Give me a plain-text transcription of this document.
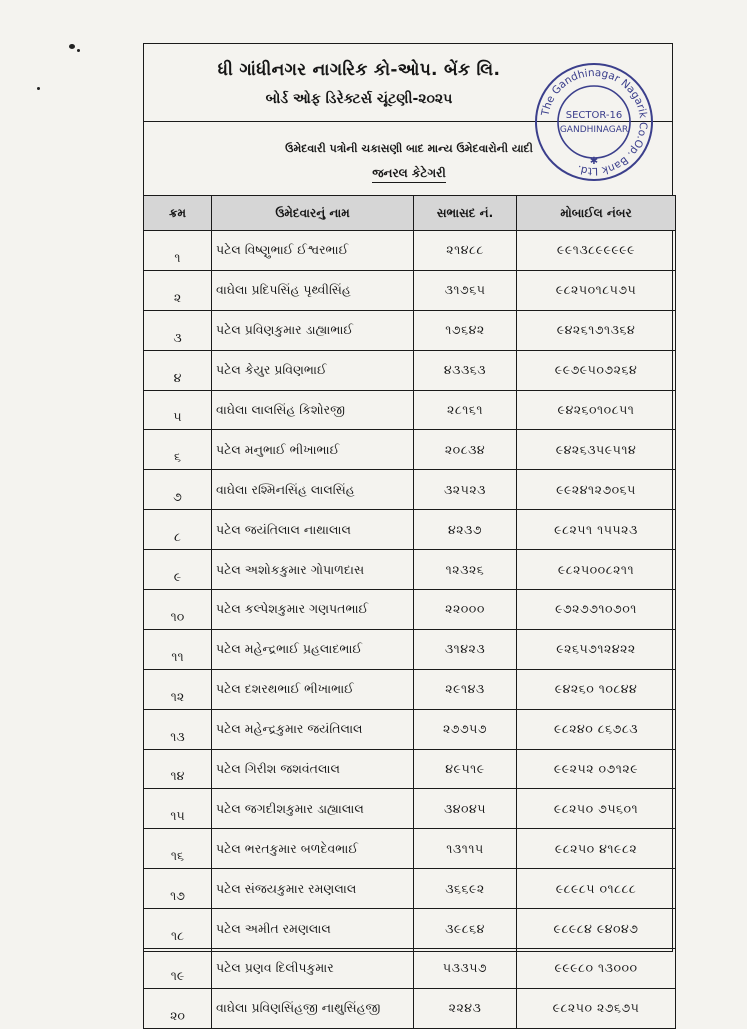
ધી ગાંધીનગર નાગરિક કો-ઓપ. બેંક લિ.
બોર્ડ ઓફ ડિરેક્ટર્સ ચૂંટણી-૨૦૨૫
ઉમેદવારી પત્રોની ચકાસણી બાદ માન્ય ઉમેદવારોની યાદી
જનરલ કેટેગરી
ક્રમ	ઉમેદવારનું નામ	સભાસદ નં.	મોબાઈલ નંબર
૧	પટેલ વિષ્ણુભાઈ ઈશ્વરભાઈ	૨૧૪૮૮	૯૯૧૩૮૯૯૯૯૯
૨	વાઘેલા પ્રદિપસિંહ પૃથ્વીસિંહ	૩૧૭૬૫	૯૮૨૫૦૧૮૫૭૫
૩	પટેલ પ્રવિણકુમાર ડાહ્યાભાઈ	૧૭૬૪૨	૯૪૨૬૧૭૧૩૬૪
૪	પટેલ કેયુર પ્રવિણભાઈ	૪૩૩૬૩	૯૯૭૯૫૦૭૨૬૪
૫	વાઘેલા લાલસિંહ કિશોરજી	૨૮૧૬૧	૯૪૨૬૦૧૦૮૫૧
૬	પટેલ મનુભાઈ ભીખાભાઈ	૨૦૮૩૪	૯૪૨૬૩૫૯૫૧૪
૭	વાઘેલા રશ્મિનસિંહ લાલસિંહ	૩૨૫૨૩	૯૯૨૪૧૨૭૦૬૫
૮	પટેલ જયંતિલાલ નાથાલાલ	૪૨૩૭	૯૮૨૫૧ ૧૫૫૨૩
૯	પટેલ અશોકકુમાર ગોપાળદાસ	૧૨૩૨૬	૯૮૨૫૦૦૮૨૧૧
૧૦	પટેલ કલ્પેશકુમાર ગણપતભાઈ	૨૨૦૦૦	૯૭૨૭૭૧૦૭૦૧
૧૧	પટેલ મહેન્દ્રભાઈ પ્રહલાદભાઈ	૩૧૪૨૩	૯૨૬૫૭૧૨૪૨૨
૧૨	પટેલ દશરથભાઈ ભીખાભાઈ	૨૯૧૪૩	૯૪૨૬૦ ૧૦૮૪૪
૧૩	પટેલ મહેન્દ્રકુમાર જયંતિલાલ	૨૭૭૫૭	૯૮૨૪૦ ૮૬૭૮૩
૧૪	પટેલ ગિરીશ જશવંતલાલ	૪૯૫૧૯	૯૯૨૫૨ ૦૭૧૨૯
૧૫	પટેલ જગદીશકુમાર ડાહ્યાલાલ	૩૪૦૪૫	૯૮૨૫૦ ૭૫૬૦૧
૧૬	પટેલ ભરતકુમાર બળદેવભાઈ	૧૩૧૧૫	૯૮૨૫૦ ૪૧૯૮૨
૧૭	પટેલ સંજયકુમાર રમણલાલ	૩૬૬૯૨	૯૮૯૮૫ ૦૧૮૮૮
૧૮	પટેલ અમીત રમણલાલ	૩૯૮૬૪	૯૮૯૮૪ ૯૪૦૪૭
૧૯	પટેલ પ્રણવ દિલીપકુમાર	૫૩૩૫૭	૯૯૯૮૦ ૧૩૦૦૦
૨૦	વાઘેલા પ્રવિણસિંહજી નાથુસિંહજી	૨૨૪૩	૯૮૨૫૦ ૨૭૬૭૫
The Gandhinagar Nagarik Co.Op. Bank Ltd.
SECTOR-16
GANDHINAGAR
✱
